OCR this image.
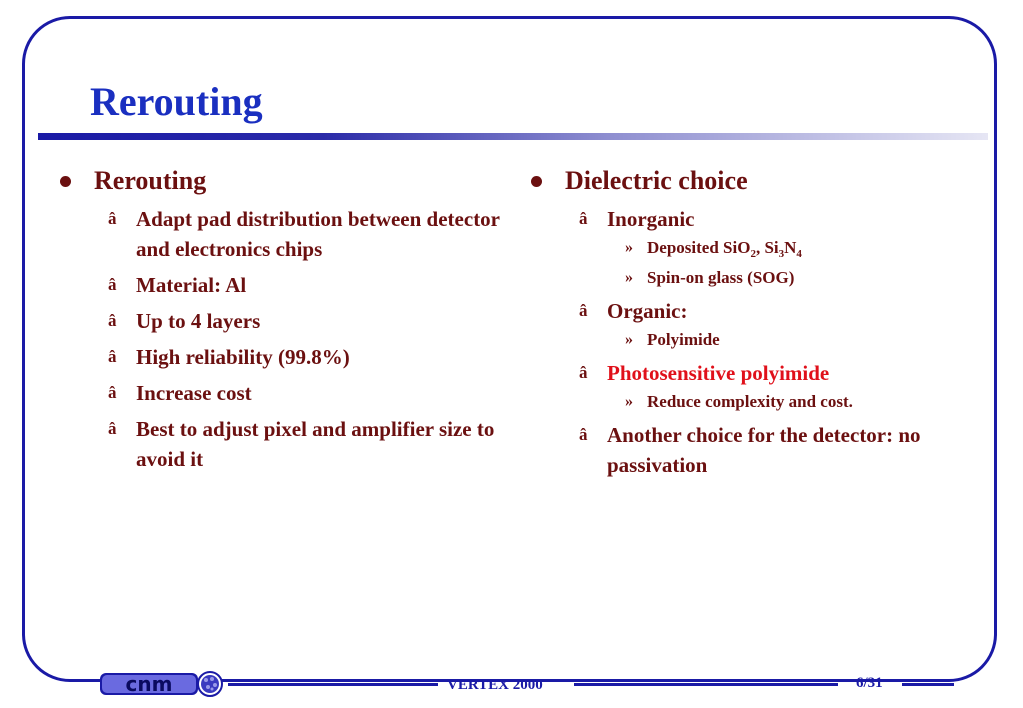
Rerouting
Rerouting
â Adapt pad distribution between detector and electronics chips
â Material: Al
â Up to 4 layers
â High reliability (99.8%)
â Increase cost
â Best to adjust pixel and amplifier size to avoid it
Dielectric choice
â Inorganic
» Deposited SiO$_2$, $Si_3N_4$
» Spin-on glass (SOG)
â Organic:
» Polyimide
â Photosensitive polyimide
» Reduce complexity and cost.
â Another choice for the detector: no passivation
cnm	VERTEX 2000	6/31
